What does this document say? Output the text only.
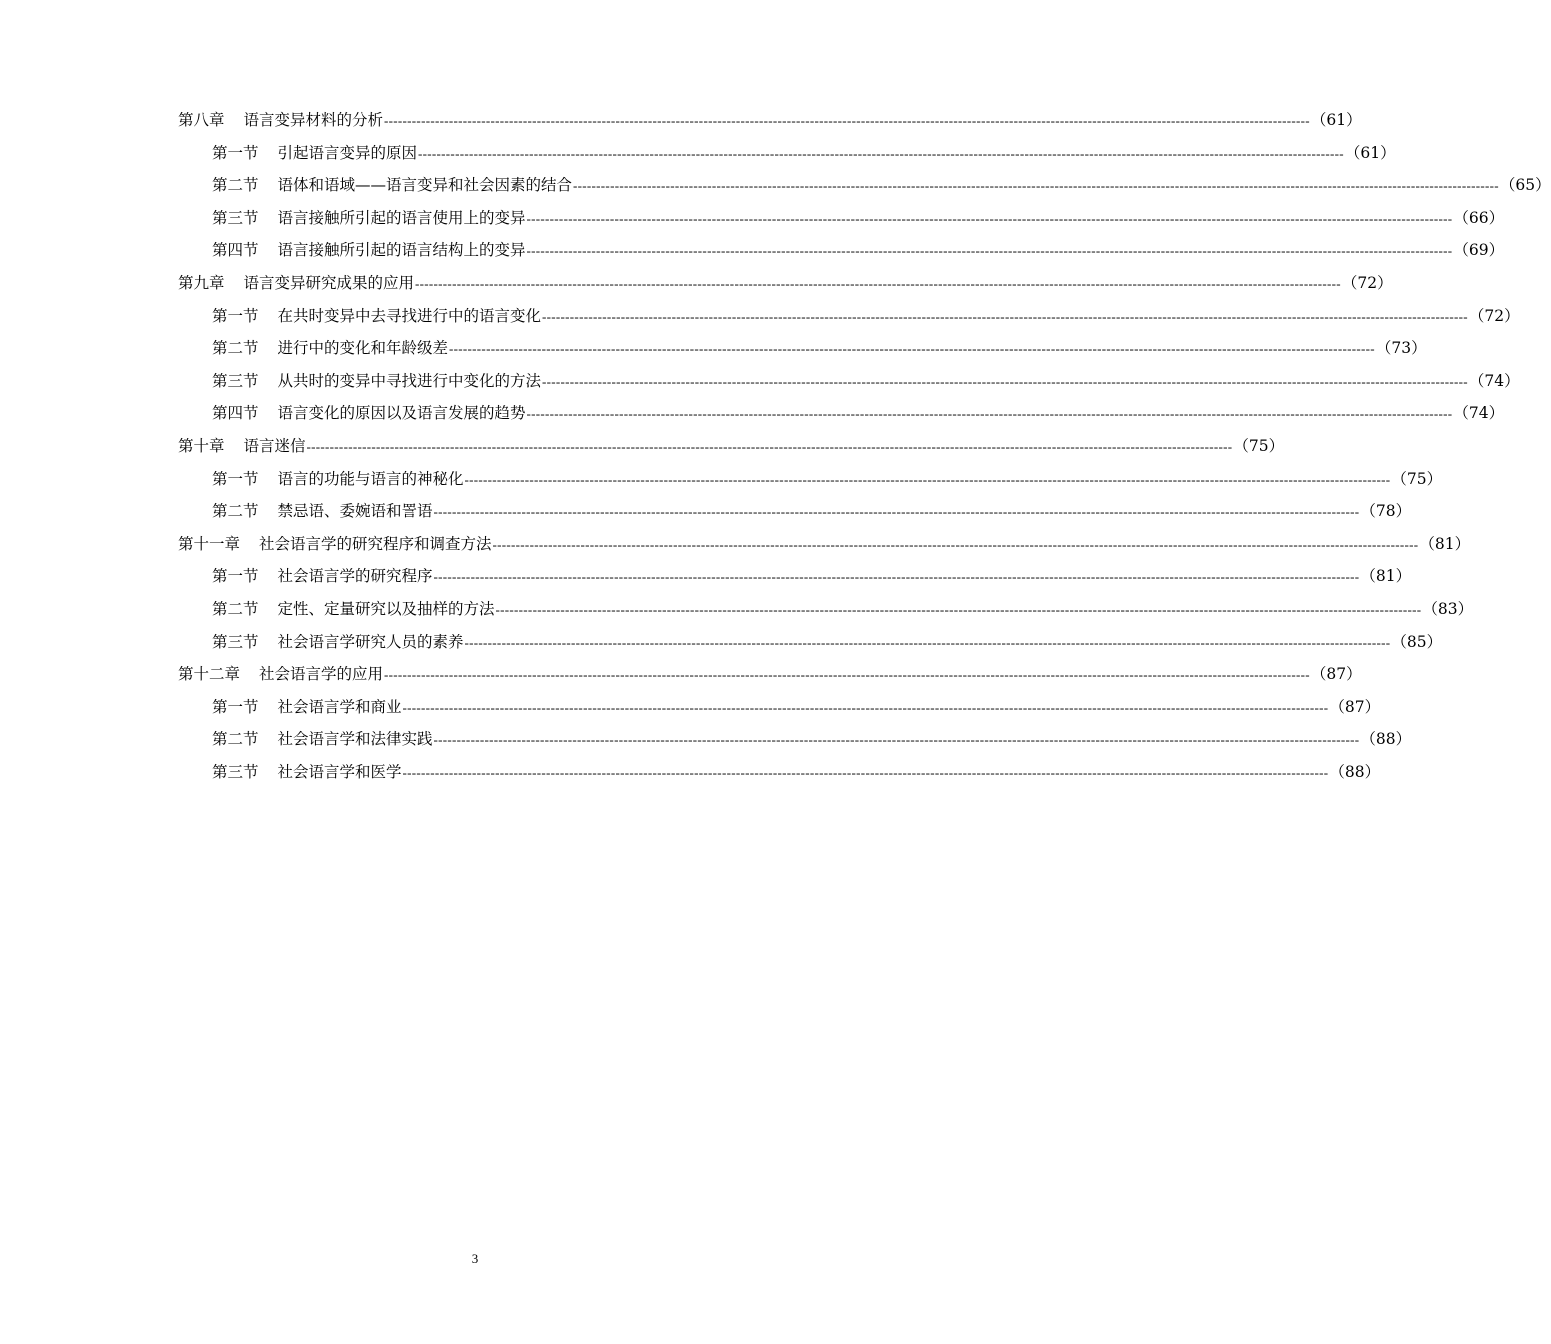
第八章 语言变异材料的分析 -------------------------------------------------------------------------------------------------------------------------------------------------------------------------------------------------------- （61）
第一节 引起语言变异的原因 -------------------------------------------------------------------------------------------------------------------------------------------------------------------------------------------------------- （61）
第二节 语体和语域——语言变异和社会因素的结合 -------------------------------------------------------------------------------------------------------------------------------------------------------------------------------------------------------- （65）
第三节 语言接触所引起的语言使用上的变异 -------------------------------------------------------------------------------------------------------------------------------------------------------------------------------------------------------- （66）
第四节 语言接触所引起的语言结构上的变异 -------------------------------------------------------------------------------------------------------------------------------------------------------------------------------------------------------- （69）
第九章 语言变异研究成果的应用 -------------------------------------------------------------------------------------------------------------------------------------------------------------------------------------------------------- （72）
第一节 在共时变异中去寻找进行中的语言变化 -------------------------------------------------------------------------------------------------------------------------------------------------------------------------------------------------------- （72）
第二节 进行中的变化和年龄级差 -------------------------------------------------------------------------------------------------------------------------------------------------------------------------------------------------------- （73）
第三节 从共时的变异中寻找进行中变化的方法 -------------------------------------------------------------------------------------------------------------------------------------------------------------------------------------------------------- （74）
第四节 语言变化的原因以及语言发展的趋势 -------------------------------------------------------------------------------------------------------------------------------------------------------------------------------------------------------- （74）
第十章 语言迷信 -------------------------------------------------------------------------------------------------------------------------------------------------------------------------------------------------------- （75）
第一节 语言的功能与语言的神秘化 -------------------------------------------------------------------------------------------------------------------------------------------------------------------------------------------------------- （75）
第二节 禁忌语、委婉语和詈语 -------------------------------------------------------------------------------------------------------------------------------------------------------------------------------------------------------- （78）
第十一章 社会语言学的研究程序和调查方法 -------------------------------------------------------------------------------------------------------------------------------------------------------------------------------------------------------- （81）
第一节 社会语言学的研究程序 -------------------------------------------------------------------------------------------------------------------------------------------------------------------------------------------------------- （81）
第二节 定性、定量研究以及抽样的方法 -------------------------------------------------------------------------------------------------------------------------------------------------------------------------------------------------------- （83）
第三节 社会语言学研究人员的素养 -------------------------------------------------------------------------------------------------------------------------------------------------------------------------------------------------------- （85）
第十二章 社会语言学的应用 -------------------------------------------------------------------------------------------------------------------------------------------------------------------------------------------------------- （87）
第一节 社会语言学和商业 -------------------------------------------------------------------------------------------------------------------------------------------------------------------------------------------------------- （87）
第二节 社会语言学和法律实践 -------------------------------------------------------------------------------------------------------------------------------------------------------------------------------------------------------- （88）
第三节 社会语言学和医学 -------------------------------------------------------------------------------------------------------------------------------------------------------------------------------------------------------- （88）
3
